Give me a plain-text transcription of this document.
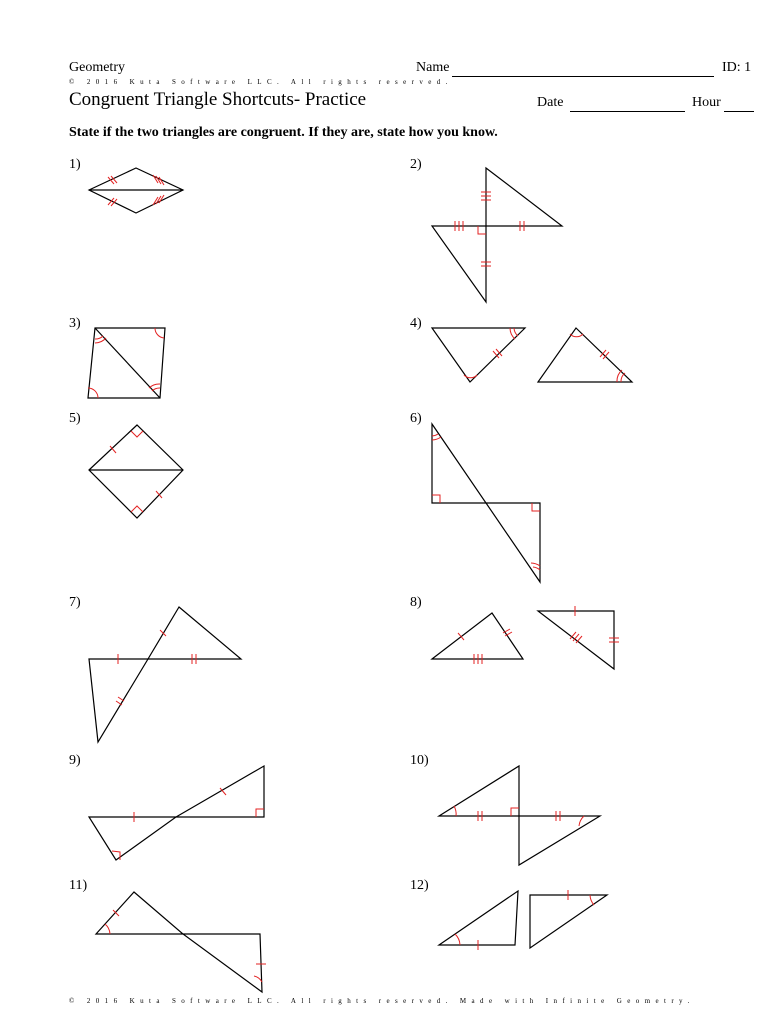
Geometry	Name	ID: 1
© 2016 Kuta Software LLC. All rights reserved.
Congruent Triangle Shortcuts- Practice	Date	Hour
State if the two triangles are congruent. If they are, state how you know.
1)	2)
3)	4)
5)	6)
7)	8)
9)	10)
11)	12)
© 2016 Kuta Software LLC. All rights reserved. Made with Infinite Geometry.
